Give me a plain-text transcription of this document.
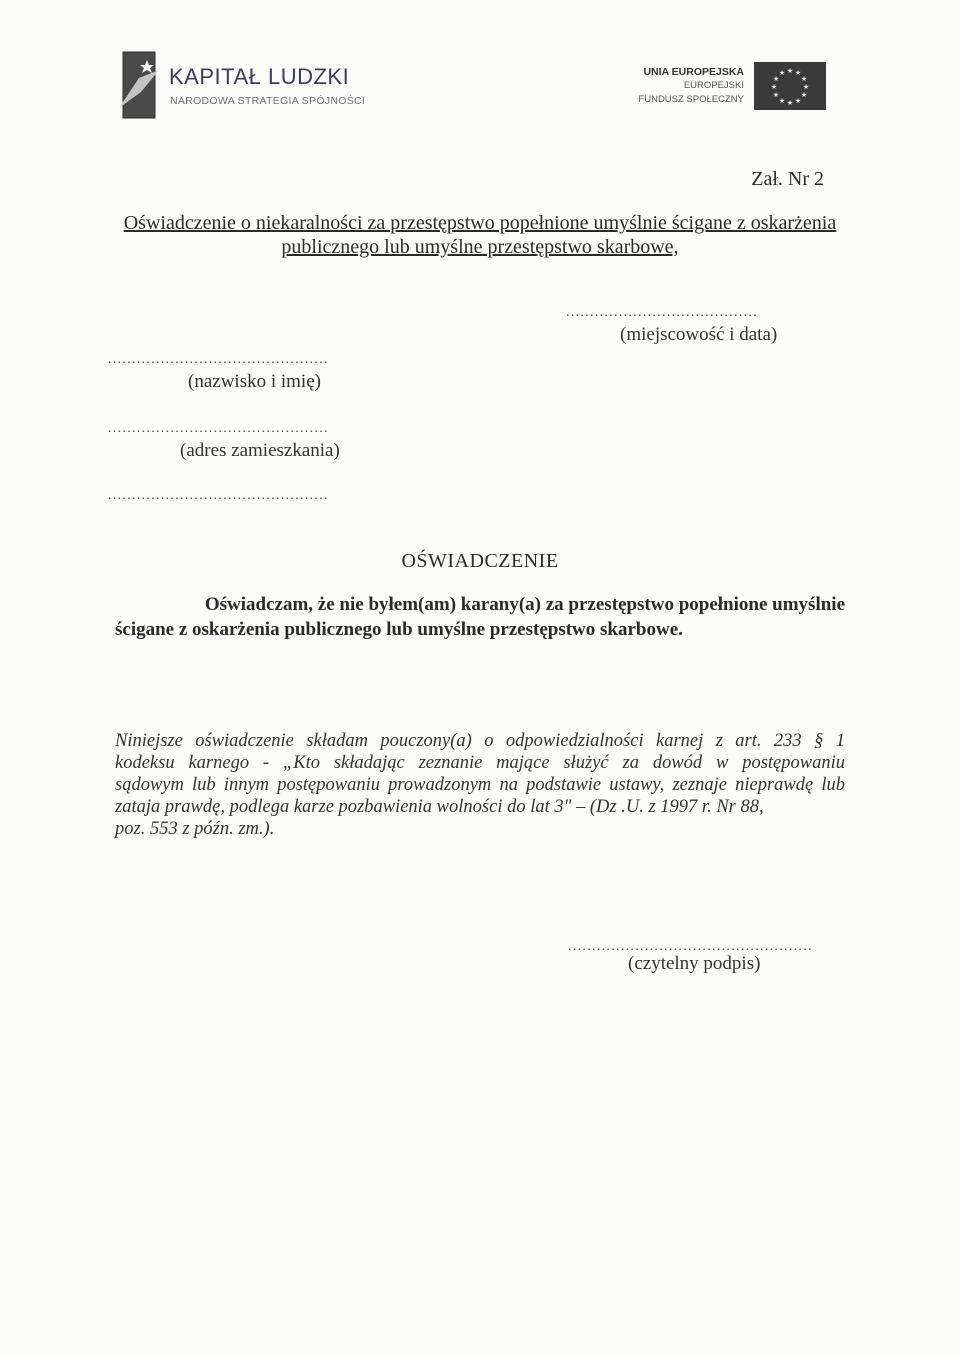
KAPITAŁ LUDZKI
NARODOWA STRATEGIA SPÓJNOŚCI
UNIA EUROPEJSKA
EUROPEJSKI
FUNDUSZ SPOŁECZNY
★ ★
★
★
★
★
★
★
★
★
★
★
Zał. Nr 2
Oświadczenie o niekaralności za przestępstwo popełnione umyślnie ścigane z oskarżenia
publicznego lub umyślne przestępstwo skarbowe,
........................................
(miejscowość i data)
..............................................
(nazwisko i imię)
..............................................
(adres zamieszkania)
..............................................
OŚWIADCZENIE
Oświadczam, że nie byłem(am) karany(a) za przestępstwo popełnione umyślnie
ścigane z oskarżenia publicznego lub umyślne przestępstwo skarbowe.
Niniejsze oświadczenie składam pouczony(a) o odpowiedzialności karnej z art. 233 § 1
kodeksu karnego - „Kto składając zeznanie mające służyć za dowód w postępowaniu
sądowym lub innym postępowaniu prowadzonym na podstawie ustawy, zeznaje nieprawdę lub
zataja prawdę, podlega karze pozbawienia wolności do lat 3" – (Dz .U. z 1997 r. Nr 88,
poz. 553 z późn. zm.).
...................................................
(czytelny podpis)
